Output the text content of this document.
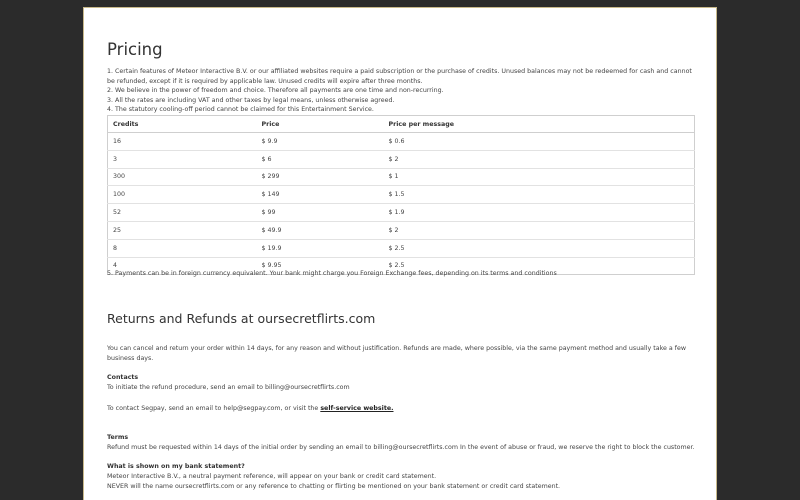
Pricing
1. Certain features of Meteor Interactive B.V. or our affiliated websites require a paid subscription or the purchase of credits. Unused balances may not be redeemed for cash and cannot be refunded, except if it is required by applicable law. Unused credits will expire after three months.
2. We believe in the power of freedom and choice. Therefore all payments are one time and non-recurring.
3. All the rates are including VAT and other taxes by legal means, unless otherwise agreed.
4. The statutory cooling-off period cannot be claimed for this Entertainment Service.
Credits	Price	Price per message
16	$ 9.9	$ 0.6
3	$ 6	$ 2
300	$ 299	$ 1
100	$ 149	$ 1.5
52	$ 99	$ 1.9
25	$ 49.9	$ 2
8	$ 19.9	$ 2.5
4	$ 9.95	$ 2.5
5. Payments can be in foreign currency equivalent. Your bank might charge you Foreign Exchange fees, depending on its terms and conditions
Returns and Refunds at oursecretflirts.com
You can cancel and return your order within 14 days, for any reason and without justification. Refunds are made, where possible, via the same payment method and usually take a few business days.
Contacts
To initiate the refund procedure, send an email to billing@oursecretflirts.com
To contact Segpay, send an email to help@segpay.com, or visit the self-service website.
Terms
Refund must be requested within 14 days of the initial order by sending an email to billing@oursecretflirts.com In the event of abuse or fraud, we reserve the right to block the customer.
What is shown on my bank statement?
Meteor Interactive B.V., a neutral payment reference, will appear on your bank or credit card statement.
NEVER will the name oursecretflirts.com or any reference to chatting or flirting be mentioned on your bank statement or credit card statement.
